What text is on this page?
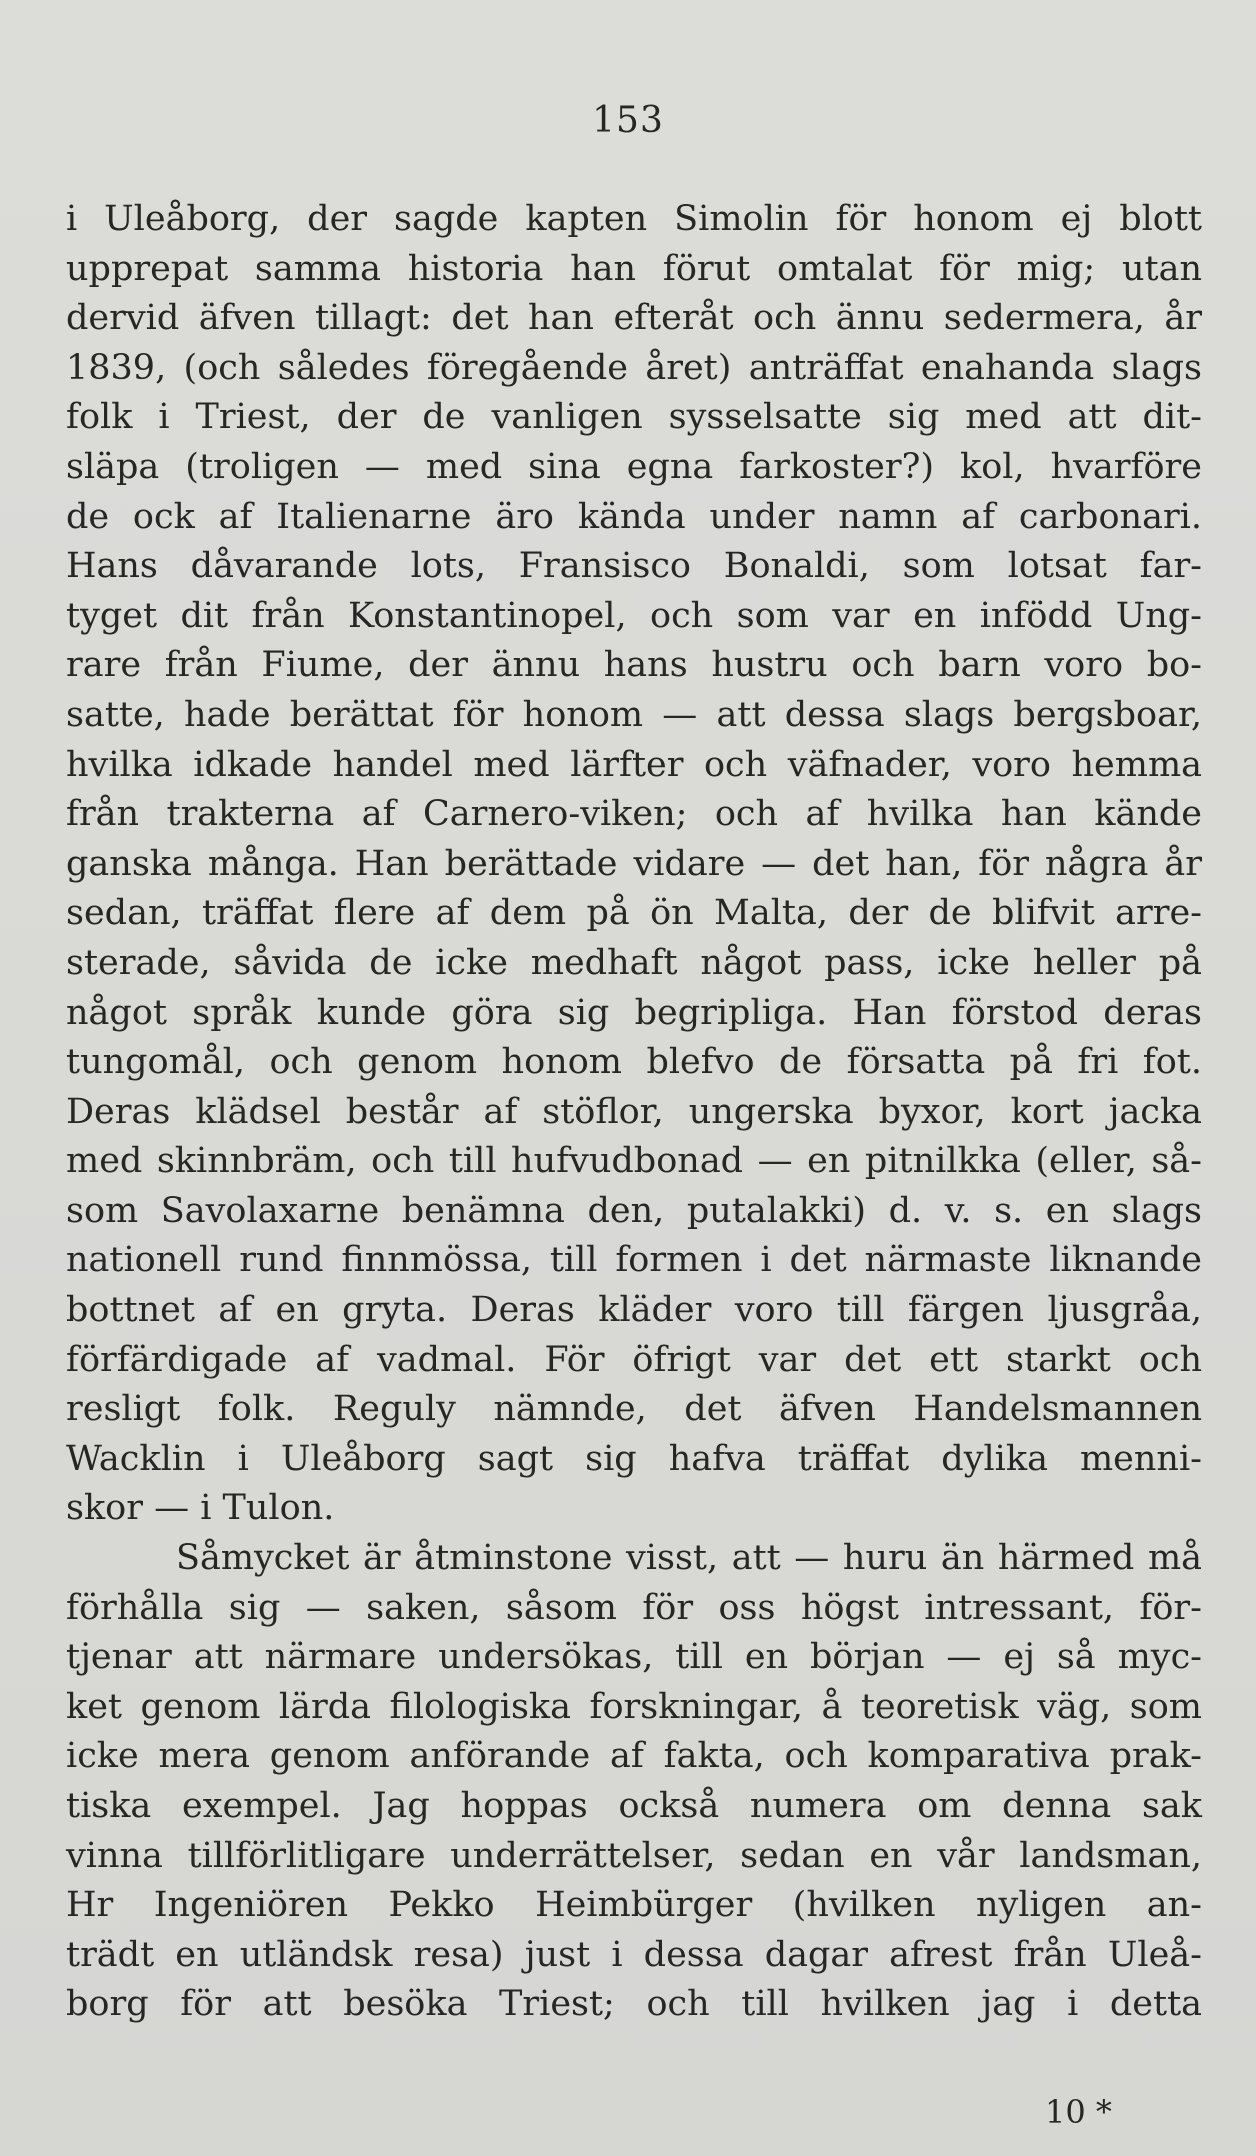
153
i Uleåborg, der sagde kapten Simolin för honom ej blott
upprepat samma historia han förut omtalat för mig; utan
dervid äfven tillagt: det han efteråt och ännu sedermera, år
1839, (och således föregående året) anträffat enahanda slags
folk i Triest, der de vanligen sysselsatte sig med att dit-
släpa (troligen — med sina egna farkoster?) kol, hvarföre
de ock af Italienarne äro kända under namn af carbonari.
Hans dåvarande lots, Fransisco Bonaldi, som lotsat far-
tyget dit från Konstantinopel, och som var en infödd Ung-
rare från Fiume, der ännu hans hustru och barn voro bo-
satte, hade berättat för honom — att dessa slags bergsboar,
hvilka idkade handel med lärfter och väfnader, voro hemma
från trakterna af Carnero-viken; och af hvilka han kände
ganska många. Han berättade vidare — det han, för några år
sedan, träffat flere af dem på ön Malta, der de blifvit arre-
sterade, såvida de icke medhaft något pass, icke heller på
något språk kunde göra sig begripliga. Han förstod deras
tungomål, och genom honom blefvo de försatta på fri fot.
Deras klädsel består af stöflor, ungerska byxor, kort jacka
med skinnbräm, och till hufvudbonad — en pitnilkka (eller, så-
som Savolaxarne benämna den, putalakki) d. v. s. en slags
nationell rund finnmössa, till formen i det närmaste liknande
bottnet af en gryta. Deras kläder voro till färgen ljusgråa,
förfärdigade af vadmal. För öfrigt var det ett starkt och
resligt folk. Reguly nämnde, det äfven Handelsmannen
Wacklin i Uleåborg sagt sig hafva träffat dylika menni-
skor — i Tulon.
Såmycket är åtminstone visst, att — huru än härmed må
förhålla sig — saken, såsom för oss högst intressant, för-
tjenar att närmare undersökas, till en början — ej så myc-
ket genom lärda filologiska forskningar, å teoretisk väg, som
icke mera genom anförande af fakta, och komparativa prak-
tiska exempel. Jag hoppas också numera om denna sak
vinna tillförlitligare underrättelser, sedan en vår landsman,
Hr Ingeniören Pekko Heimbürger (hvilken nyligen an-
trädt en utländsk resa) just i dessa dagar afrest från Uleå-
borg för att besöka Triest; och till hvilken jag i detta
10 *
